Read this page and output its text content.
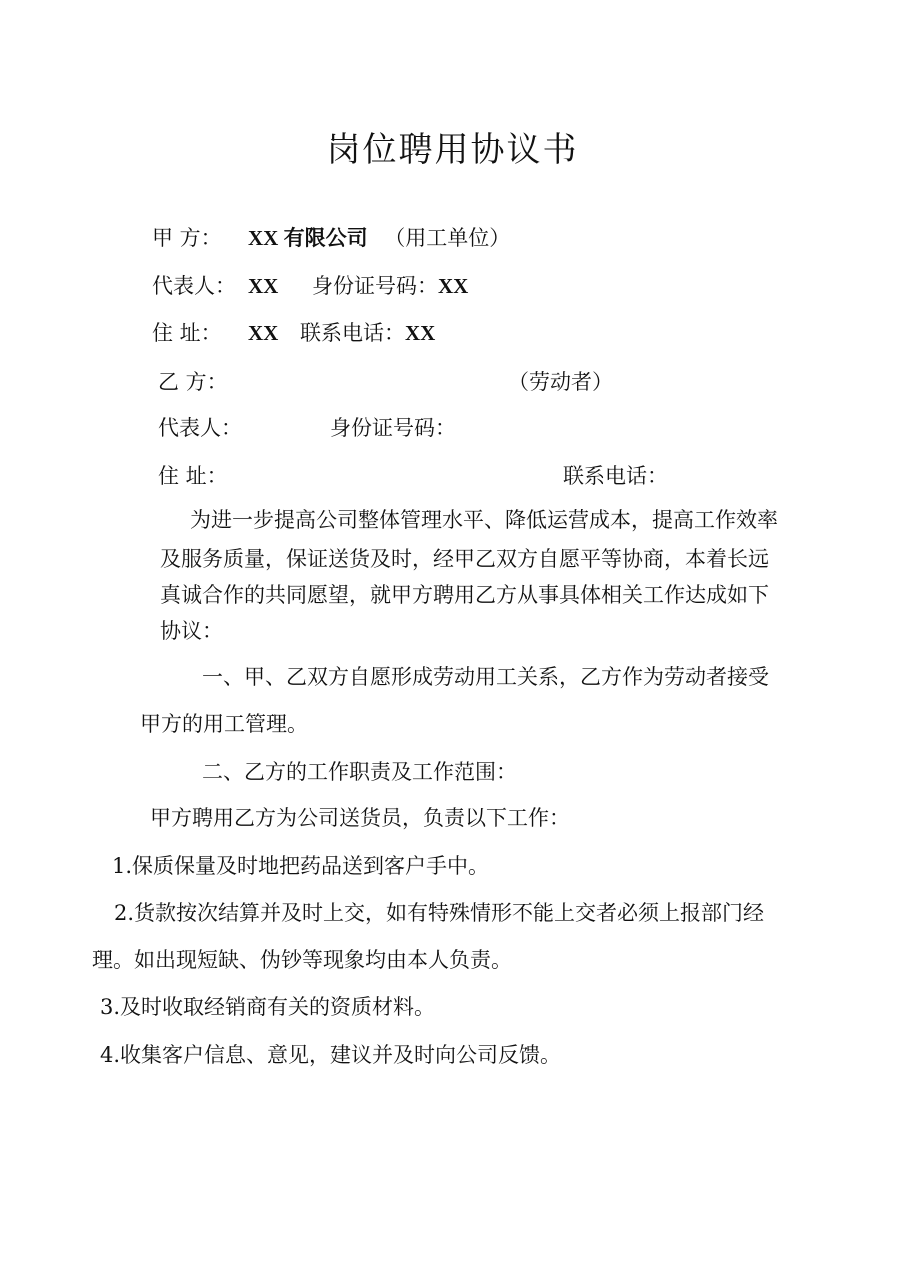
岗位聘用协议书
甲 方： XX 有限公司 （用工单位）
代表人： XX 身份证号码：XX
住 址： XX 联系电话：XX
乙 方：	（劳动者）
代表人：	身份证号码：
住 址：	联系电话：
为进一步提高公司整体管理水平、降低运营成本，提高工作效率
及服务质量，保证送货及时，经甲乙双方自愿平等协商，本着长远
真诚合作的共同愿望，就甲方聘用乙方从事具体相关工作达成如下
协议：
一、甲、乙双方自愿形成劳动用工关系，乙方作为劳动者接受
甲方的用工管理。
二、乙方的工作职责及工作范围：
甲方聘用乙方为公司送货员，负责以下工作：
1.保质保量及时地把药品送到客户手中。
2.货款按次结算并及时上交，如有特殊情形不能上交者必须上报部门经
理。如出现短缺、伪钞等现象均由本人负责。
3.及时收取经销商有关的资质材料。
4.收集客户信息、意见，建议并及时向公司反馈。
